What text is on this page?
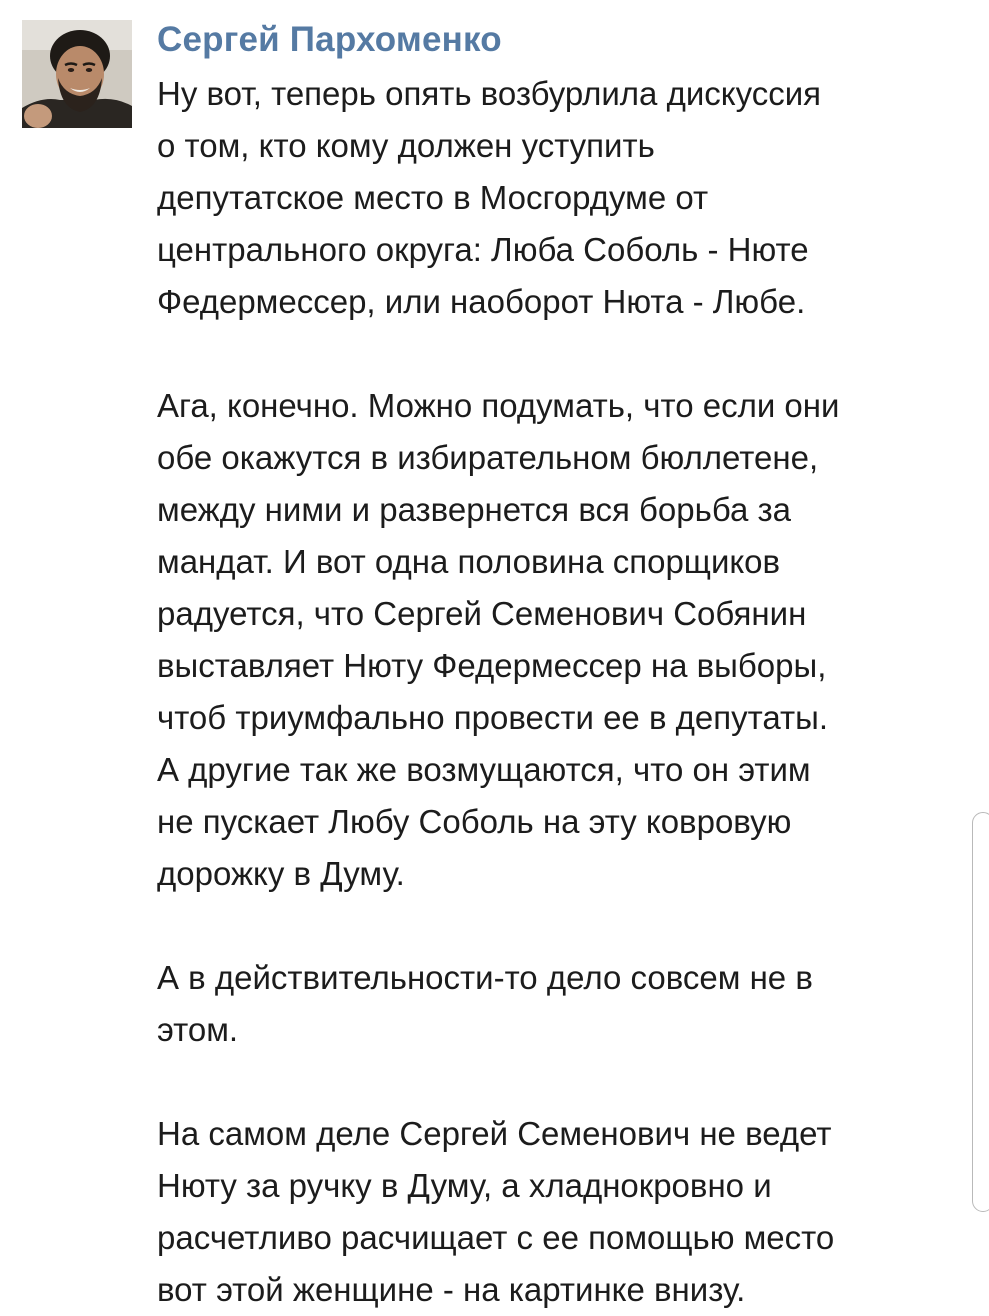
Сергей Пархоменко
Ну вот, теперь опять возбурлила дискуссия
о том, кто кому должен уступить
депутатское место в Мосгордуме от
центрального округа: Люба Соболь - Нюте
Федермессер, или наоборот Нюта - Любе.
Ага, конечно. Можно подумать, что если они
обе окажутся в избирательном бюллетене,
между ними и развернется вся борьба за
мандат. И вот одна половина спорщиков
радуется, что Сергей Семенович Собянин
выставляет Нюту Федермессер на выборы,
чтоб триумфально провести ее в депутаты.
А другие так же возмущаются, что он этим
не пускает Любу Соболь на эту ковровую
дорожку в Думу.
А в действительности-то дело совсем не в
этом.
На самом деле Сергей Семенович не ведет
Нюту за ручку в Думу, а хладнокровно и
расчетливо расчищает с ее помощью место
вот этой женщине - на картинке внизу.
